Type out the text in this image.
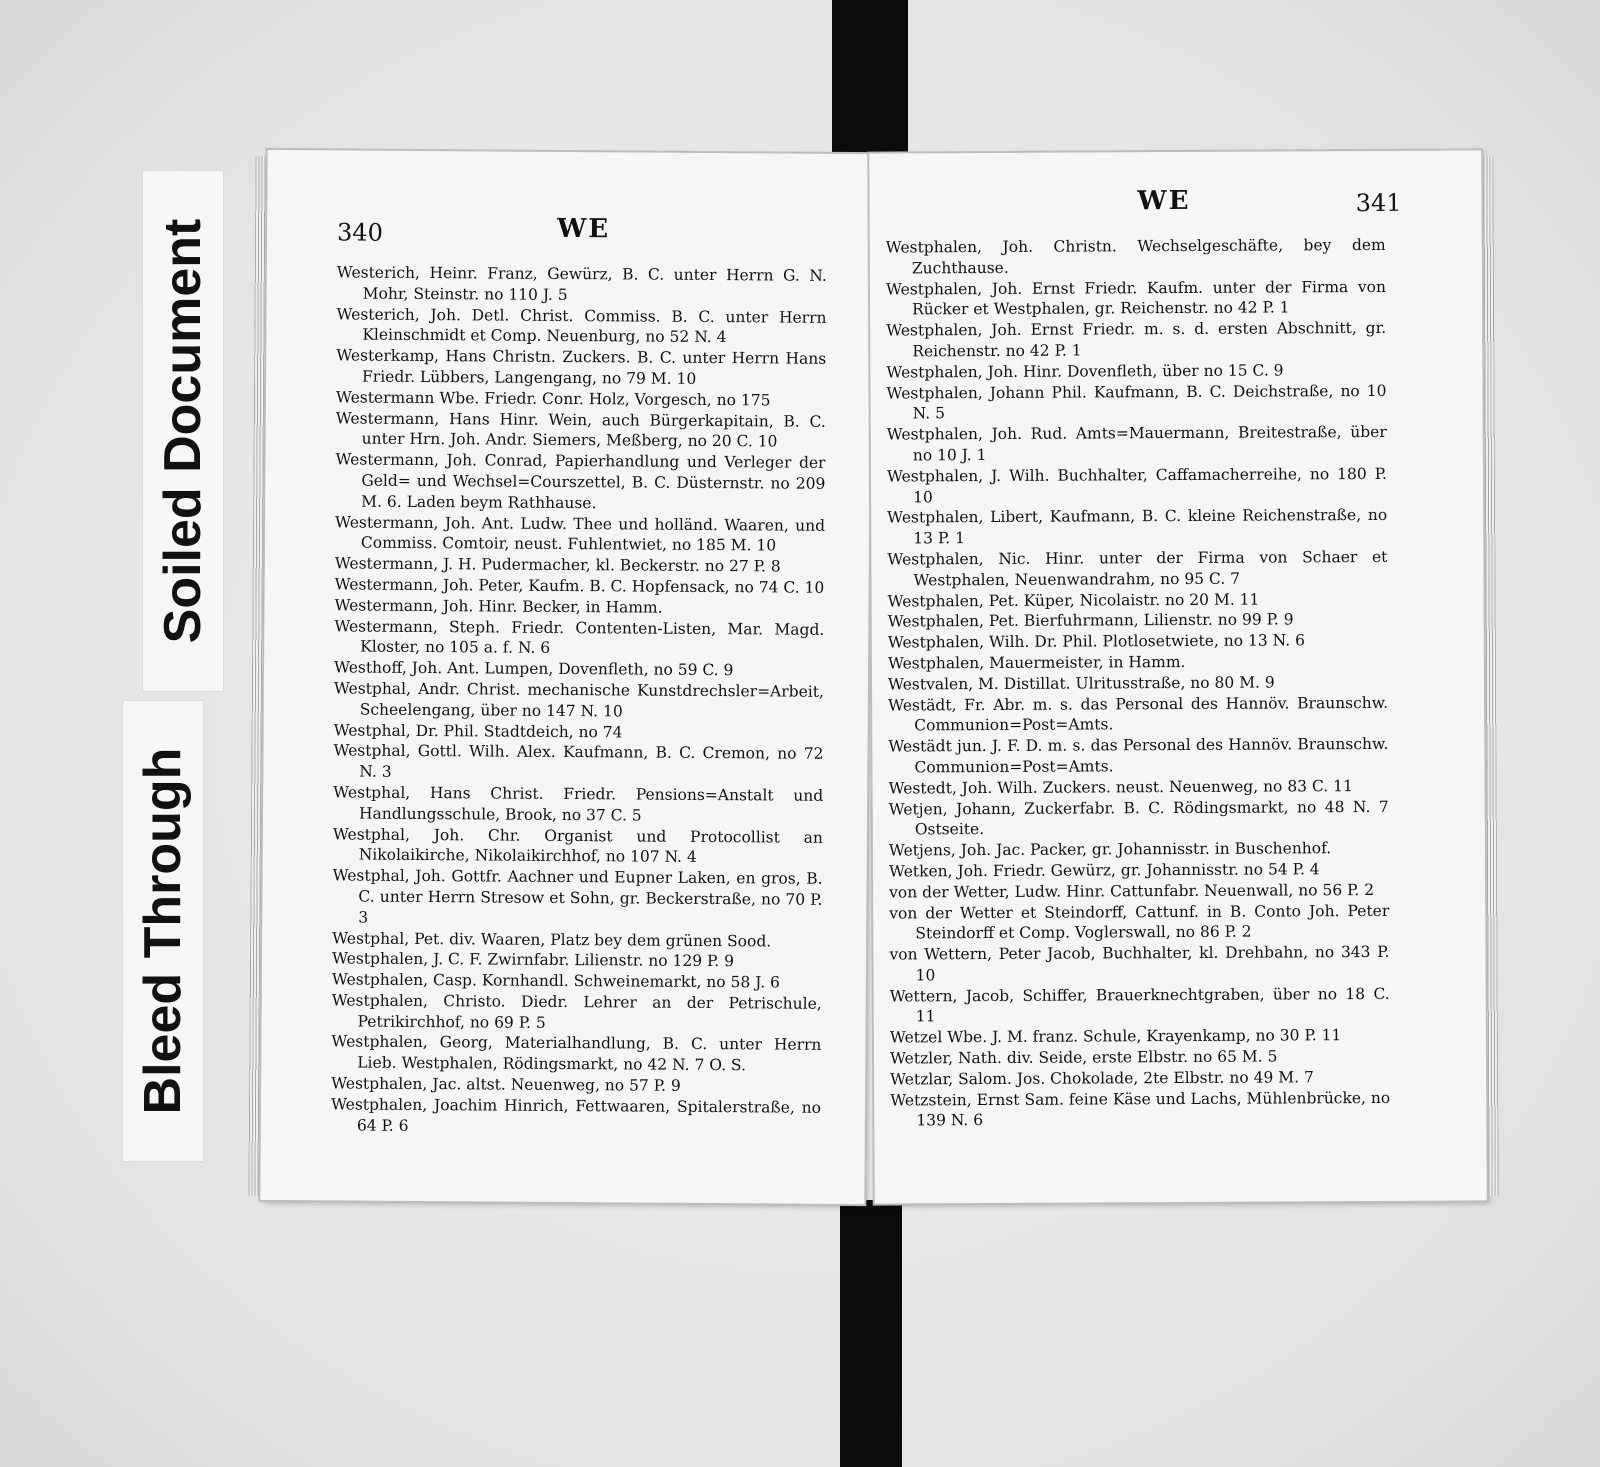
Soiled Document
Bleed Through
340	WE
Westerich, Heinr. Franz, Gewürz, B. C. unter Herrn G. N. Mohr, Steinstr. no 110 J. 5
Westerich, Joh. Detl. Christ. Commiss. B. C. unter Herrn Kleinschmidt et Comp. Neuenburg, no 52 N. 4
Westerkamp, Hans Christn. Zuckers. B. C. unter Herrn Hans Friedr. Lübbers, Langengang, no 79 M. 10
Westermann Wbe. Friedr. Conr. Holz, Vorgesch, no 175
Westermann, Hans Hinr. Wein, auch Bürgerkapitain, B. C. unter Hrn. Joh. Andr. Siemers, Meßberg, no 20 C. 10
Westermann, Joh. Conrad, Papierhandlung und Verleger der Geld= und Wechsel=Courszettel, B. C. Düsternstr. no 209 M. 6. Laden beym Rathhause.
Westermann, Joh. Ant. Ludw. Thee und holländ. Waaren, und Commiss. Comtoir, neust. Fuhlentwiet, no 185 M. 10
Westermann, J. H. Pudermacher, kl. Beckerstr. no 27 P. 8
Westermann, Joh. Peter, Kaufm. B. C. Hopfensack, no 74 C. 10
Westermann, Joh. Hinr. Becker, in Hamm.
Westermann, Steph. Friedr. Contenten-Listen, Mar. Magd. Kloster, no 105 a. f. N. 6
Westhoff, Joh. Ant. Lumpen, Dovenfleth, no 59 C. 9
Westphal, Andr. Christ. mechanische Kunstdrechsler=Arbeit, Scheelengang, über no 147 N. 10
Westphal, Dr. Phil. Stadtdeich, no 74
Westphal, Gottl. Wilh. Alex. Kaufmann, B. C. Cremon, no 72 N. 3
Westphal, Hans Christ. Friedr. Pensions=Anstalt und Handlungsschule, Brook, no 37 C. 5
Westphal, Joh. Chr. Organist und Protocollist an Nikolaikirche, Nikolaikirchhof, no 107 N. 4
Westphal, Joh. Gottfr. Aachner und Eupner Laken, en gros, B. C. unter Herrn Stresow et Sohn, gr. Beckerstraße, no 70 P. 3
Westphal, Pet. div. Waaren, Platz bey dem grünen Sood.
Westphalen, J. C. F. Zwirnfabr. Lilienstr. no 129 P. 9
Westphalen, Casp. Kornhandl. Schweinemarkt, no 58 J. 6
Westphalen, Christo. Diedr. Lehrer an der Petrischule, Petrikirchhof, no 69 P. 5
Westphalen, Georg, Materialhandlung, B. C. unter Herrn Lieb. Westphalen, Rödingsmarkt, no 42 N. 7 O. S.
Westphalen, Jac. altst. Neuenweg, no 57 P. 9
Westphalen, Joachim Hinrich, Fettwaaren, Spitalerstraße, no 64 P. 6
WE	341
Westphalen, Joh. Christn. Wechselgeschäfte, bey dem Zuchthause.
Westphalen, Joh. Ernst Friedr. Kaufm. unter der Firma von Rücker et Westphalen, gr. Reichenstr. no 42 P. 1
Westphalen, Joh. Ernst Friedr. m. s. d. ersten Abschnitt, gr. Reichenstr. no 42 P. 1
Westphalen, Joh. Hinr. Dovenfleth, über no 15 C. 9
Westphalen, Johann Phil. Kaufmann, B. C. Deichstraße, no 10 N. 5
Westphalen, Joh. Rud. Amts=Mauermann, Breitestraße, über no 10 J. 1
Westphalen, J. Wilh. Buchhalter, Caffamacherreihe, no 180 P. 10
Westphalen, Libert, Kaufmann, B. C. kleine Reichenstraße, no 13 P. 1
Westphalen, Nic. Hinr. unter der Firma von Schaer et Westphalen, Neuenwandrahm, no 95 C. 7
Westphalen, Pet. Küper, Nicolaistr. no 20 M. 11
Westphalen, Pet. Bierfuhrmann, Lilienstr. no 99 P. 9
Westphalen, Wilh. Dr. Phil. Plotlosetwiete, no 13 N. 6
Westphalen, Mauermeister, in Hamm.
Westvalen, M. Distillat. Ulritusstraße, no 80 M. 9
Westädt, Fr. Abr. m. s. das Personal des Hannöv. Braunschw. Communion=Post=Amts.
Westädt jun. J. F. D. m. s. das Personal des Hannöv. Braunschw. Communion=Post=Amts.
Westedt, Joh. Wilh. Zuckers. neust. Neuenweg, no 83 C. 11
Wetjen, Johann, Zuckerfabr. B. C. Rödingsmarkt, no 48 N. 7 Ostseite.
Wetjens, Joh. Jac. Packer, gr. Johannisstr. in Buschenhof.
Wetken, Joh. Friedr. Gewürz, gr. Johannisstr. no 54 P. 4
von der Wetter, Ludw. Hinr. Cattunfabr. Neuenwall, no 56 P. 2
von der Wetter et Steindorff, Cattunf. in B. Conto Joh. Peter Steindorff et Comp. Voglerswall, no 86 P. 2
von Wettern, Peter Jacob, Buchhalter, kl. Drehbahn, no 343 P. 10
Wettern, Jacob, Schiffer, Brauerknechtgraben, über no 18 C. 11
Wetzel Wbe. J. M. franz. Schule, Krayenkamp, no 30 P. 11
Wetzler, Nath. div. Seide, erste Elbstr. no 65 M. 5
Wetzlar, Salom. Jos. Chokolade, 2te Elbstr. no 49 M. 7
Wetzstein, Ernst Sam. feine Käse und Lachs, Mühlenbrücke, no 139 N. 6
